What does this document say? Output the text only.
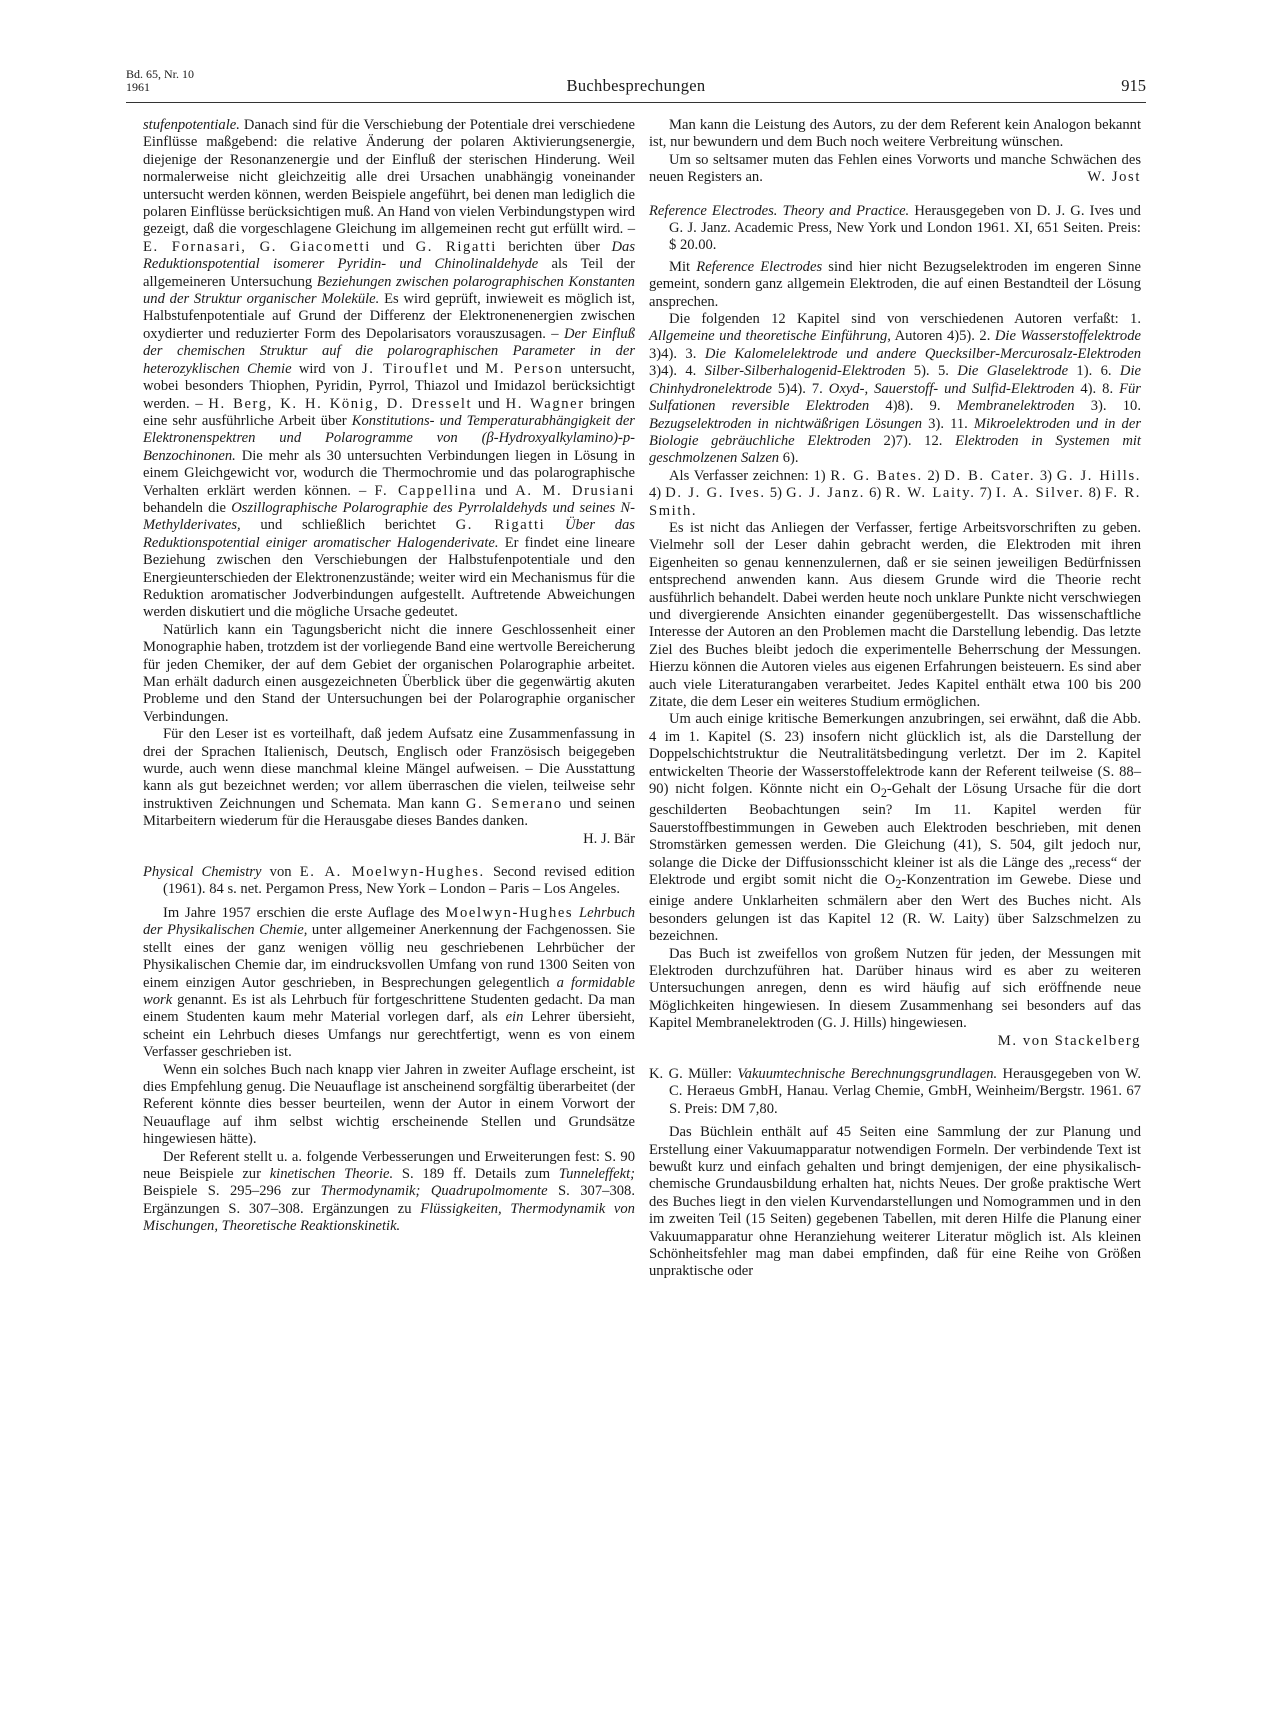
Bd. 65, Nr. 10
1961	Buchbesprechungen	915

stufenpotentiale. Danach sind für die Verschiebung der Potentiale drei verschiedene Einflüsse maßgebend: die relative Änderung der polaren Aktivierungsenergie, diejenige der Resonanzenergie und der Einfluß der sterischen Hinderung. Weil normalerweise nicht gleichzeitig alle drei Ursachen unabhängig voneinander untersucht werden können, werden Beispiele angeführt, bei denen man lediglich die polaren Einflüsse berücksichtigen muß. An Hand von vielen Verbindungstypen wird gezeigt, daß die vorgeschlagene Gleichung im allgemeinen recht gut erfüllt wird. – E. Fornasari, G. Giacometti und G. Rigatti berichten über Das Reduktionspotential isomerer Pyridin- und Chinolinaldehyde als Teil der allgemeineren Untersuchung Beziehungen zwischen polarographischen Konstanten und der Struktur organischer Moleküle. Es wird geprüft, inwieweit es möglich ist, Halbstufenpotentiale auf Grund der Differenz der Elektronenenergien zwischen oxydierter und reduzierter Form des Depolarisators vorauszusagen. – Der Einfluß der chemischen Struktur auf die polarographischen Parameter in der heterozyklischen Chemie wird von J. Tirouflet und M. Person untersucht, wobei besonders Thiophen, Pyridin, Pyrrol, Thiazol und Imidazol berücksichtigt werden. – H. Berg, K. H. König, D. Dresselt und H. Wagner bringen eine sehr ausführliche Arbeit über Konstitutions- und Temperaturabhängigkeit der Elektronenspektren und Polarogramme von (β-Hydroxyalkylamino)-p-Benzochinonen. Die mehr als 30 untersuchten Verbindungen liegen in Lösung in einem Gleichgewicht vor, wodurch die Thermochromie und das polarographische Verhalten erklärt werden können. – F. Cappellina und A. M. Drusiani behandeln die Oszillographische Polarographie des Pyrrolaldehyds und seines N-Methylderivates, und schließlich berichtet G. Rigatti Über das Reduktionspotential einiger aromatischer Halogenderivate. Er findet eine lineare Beziehung zwischen den Verschiebungen der Halbstufenpotentiale und den Energieunterschieden der Elektronenzustände; weiter wird ein Mechanismus für die Reduktion aromatischer Jodverbindungen aufgestellt. Auftretende Abweichungen werden diskutiert und die mögliche Ursache gedeutet.

Natürlich kann ein Tagungsbericht nicht die innere Geschlossenheit einer Monographie haben, trotzdem ist der vorliegende Band eine wertvolle Bereicherung für jeden Chemiker, der auf dem Gebiet der organischen Polarographie arbeitet. Man erhält dadurch einen ausgezeichneten Überblick über die gegenwärtig akuten Probleme und den Stand der Untersuchungen bei der Polarographie organischer Verbindungen.

Für den Leser ist es vorteilhaft, daß jedem Aufsatz eine Zusammenfassung in drei der Sprachen Italienisch, Deutsch, Englisch oder Französisch beigegeben wurde, auch wenn diese manchmal kleine Mängel aufweisen. – Die Ausstattung kann als gut bezeichnet werden; vor allem überraschen die vielen, teilweise sehr instruktiven Zeichnungen und Schemata. Man kann G. Semerano und seinen Mitarbeitern wiederum für die Herausgabe dieses Bandes danken.
H. J. Bär

Physical Chemistry von E. A. Moelwyn-Hughes. Second revised edition (1961). 84 s. net. Pergamon Press, New York – London – Paris – Los Angeles.

Im Jahre 1957 erschien die erste Auflage des Moelwyn-Hughes Lehrbuch der Physikalischen Chemie, unter allgemeiner Anerkennung der Fachgenossen. Sie stellt eines der ganz wenigen völlig neu geschriebenen Lehrbücher der Physikalischen Chemie dar, im eindrucksvollen Umfang von rund 1300 Seiten von einem einzigen Autor geschrieben, in Besprechungen gelegentlich a formidable work genannt. Es ist als Lehrbuch für fortgeschrittene Studenten gedacht. Da man einem Studenten kaum mehr Material vorlegen darf, als ein Lehrer übersieht, scheint ein Lehrbuch dieses Umfangs nur gerechtfertigt, wenn es von einem Verfasser geschrieben ist.

Wenn ein solches Buch nach knapp vier Jahren in zweiter Auflage erscheint, ist dies Empfehlung genug. Die Neuauflage ist anscheinend sorgfältig überarbeitet (der Referent könnte dies besser beurteilen, wenn der Autor in einem Vorwort der Neuauflage auf ihm selbst wichtig erscheinende Stellen und Grundsätze hingewiesen hätte).

Der Referent stellt u. a. folgende Verbesserungen und Erweiterungen fest: S. 90 neue Beispiele zur kinetischen Theorie. S. 189 ff. Details zum Tunneleffekt; Beispiele S. 295–296 zur Thermodynamik; Quadrupolmomente S. 307–308. Ergänzungen S. 307–308. Ergänzungen zu Flüssigkeiten, Thermodynamik von Mischungen, Theoretische Reaktionskinetik.

Man kann die Leistung des Autors, zu der dem Referent kein Analogon bekannt ist, nur bewundern und dem Buch noch weitere Verbreitung wünschen.

Um so seltsamer muten das Fehlen eines Vorworts und manche Schwächen des neuen Registers an.	W. Jost

Reference Electrodes. Theory and Practice. Herausgegeben von D. J. G. Ives und G. J. Janz. Academic Press, New York und London 1961. XI, 651 Seiten. Preis: $ 20.00.

Mit Reference Electrodes sind hier nicht Bezugselektroden im engeren Sinne gemeint, sondern ganz allgemein Elektroden, die auf einen Bestandteil der Lösung ansprechen.

Die folgenden 12 Kapitel sind von verschiedenen Autoren verfaßt: 1. Allgemeine und theoretische Einführung, Autoren 4)5). 2. Die Wasserstoffelektrode 3)4). 3. Die Kalomelelektrode und andere Quecksilber-Mercurosalz-Elektroden 3)4). 4. Silber-Silberhalogenid-Elektroden 5). 5. Die Glaselektrode 1). 6. Die Chinhydronelektrode 5)4). 7. Oxyd-, Sauerstoff- und Sulfid-Elektroden 4). 8. Für Sulfationen reversible Elektroden 4)8). 9. Membranelektroden 3). 10. Bezugselektroden in nichtwäßrigen Lösungen 3). 11. Mikroelektroden und in der Biologie gebräuchliche Elektroden 2)7). 12. Elektroden in Systemen mit geschmolzenen Salzen 6).

Als Verfasser zeichnen: 1) R. G. Bates. 2) D. B. Cater. 3) G. J. Hills. 4) D. J. G. Ives. 5) G. J. Janz. 6) R. W. Laity. 7) I. A. Silver. 8) F. R. Smith.

Es ist nicht das Anliegen der Verfasser, fertige Arbeitsvorschriften zu geben. Vielmehr soll der Leser dahin gebracht werden, die Elektroden mit ihren Eigenheiten so genau kennenzulernen, daß er sie seinen jeweiligen Bedürfnissen entsprechend anwenden kann. Aus diesem Grunde wird die Theorie recht ausführlich behandelt. Dabei werden heute noch unklare Punkte nicht verschwiegen und divergierende Ansichten einander gegenübergestellt. Das wissenschaftliche Interesse der Autoren an den Problemen macht die Darstellung lebendig. Das letzte Ziel des Buches bleibt jedoch die experimentelle Beherrschung der Messungen. Hierzu können die Autoren vieles aus eigenen Erfahrungen beisteuern. Es sind aber auch viele Literaturangaben verarbeitet. Jedes Kapitel enthält etwa 100 bis 200 Zitate, die dem Leser ein weiteres Studium ermöglichen.

Um auch einige kritische Bemerkungen anzubringen, sei erwähnt, daß die Abb. 4 im 1. Kapitel (S. 23) insofern nicht glücklich ist, als die Darstellung der Doppelschichtstruktur die Neutralitätsbedingung verletzt. Der im 2. Kapitel entwickelten Theorie der Wasserstoffelektrode kann der Referent teilweise (S. 88–90) nicht folgen. Könnte nicht ein $O_2$-Gehalt der Lösung Ursache für die dort geschilderten Beobachtungen sein? Im 11. Kapitel werden für Sauerstoffbestimmungen in Geweben auch Elektroden beschrieben, mit denen Stromstärken gemessen werden. Die Gleichung (41), S. 504, gilt jedoch nur, solange die Dicke der Diffusionsschicht kleiner ist als die Länge des „recess“ der Elektrode und ergibt somit nicht die $O_2$-Konzentration im Gewebe. Diese und einige andere Unklarheiten schmälern aber den Wert des Buches nicht. Als besonders gelungen ist das Kapitel 12 (R. W. Laity) über Salzschmelzen zu bezeichnen.

Das Buch ist zweifellos von großem Nutzen für jeden, der Messungen mit Elektroden durchzuführen hat. Darüber hinaus wird es aber zu weiteren Untersuchungen anregen, denn es wird häufig auf sich eröffnende neue Möglichkeiten hingewiesen. In diesem Zusammenhang sei besonders auf das Kapitel Membranelektroden (G. J. Hills) hingewiesen.
M. von Stackelberg

K. G. Müller: Vakuumtechnische Berechnungsgrundlagen. Herausgegeben von W. C. Heraeus GmbH, Hanau. Verlag Chemie, GmbH, Weinheim/Bergstr. 1961. 67 S. Preis: DM 7,80.

Das Büchlein enthält auf 45 Seiten eine Sammlung der zur Planung und Erstellung einer Vakuumapparatur notwendigen Formeln. Der verbindende Text ist bewußt kurz und einfach gehalten und bringt demjenigen, der eine physikalisch-chemische Grundausbildung erhalten hat, nichts Neues. Der große praktische Wert des Buches liegt in den vielen Kurvendarstellungen und Nomogrammen und in den im zweiten Teil (15 Seiten) gegebenen Tabellen, mit deren Hilfe die Planung einer Vakuumapparatur ohne Heranziehung weiterer Literatur möglich ist. Als kleinen Schönheitsfehler mag man dabei empfinden, daß für eine Reihe von Größen unpraktische oder
